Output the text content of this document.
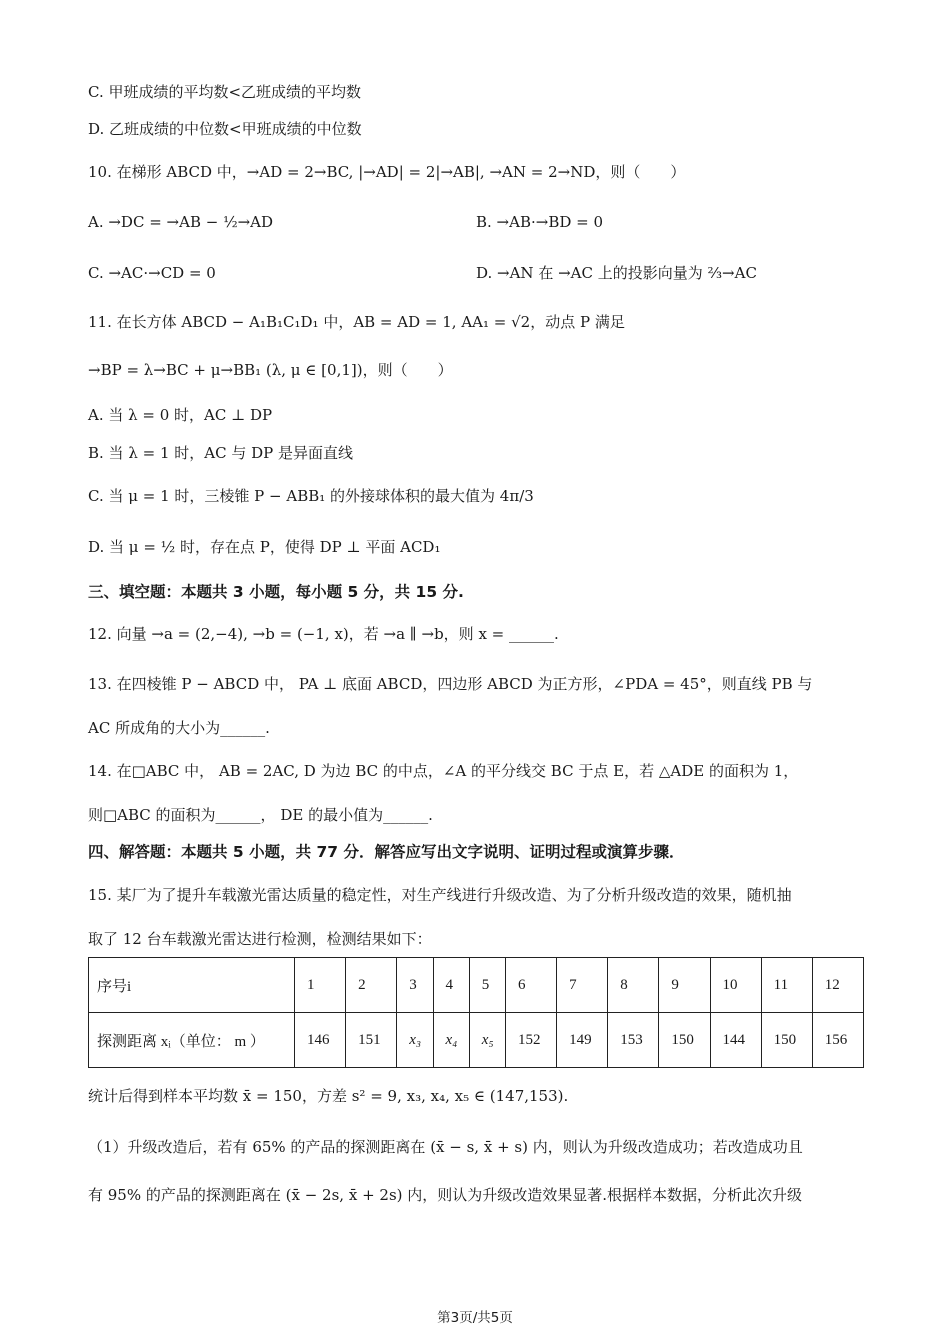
C. 甲班成绩的平均数<乙班成绩的平均数
D. 乙班成绩的中位数<甲班成绩的中位数
10. 在梯形 ABCD 中，→AD = 2→BC, |→AD| = 2|→AB|, →AN = 2→ND，则（　　）
A. →DC = →AB − ½→AD	B. →AB·→BD = 0
C. →AC·→CD = 0	D. →AN 在 →AC 上的投影向量为 ⅔→AC
11. 在长方体 ABCD − A₁B₁C₁D₁ 中，AB = AD = 1, AA₁ = √2，动点 P 满足
→BP = λ→BC + μ→BB₁ (λ, μ ∈ [0,1])，则（　　）
A. 当 λ = 0 时，AC ⊥ DP
B. 当 λ = 1 时，AC 与 DP 是异面直线
C. 当 μ = 1 时，三棱锥 P − ABB₁ 的外接球体积的最大值为 4π/3
D. 当 μ = ½ 时，存在点 P，使得 DP ⊥ 平面 ACD₁
三、填空题：本题共 3 小题，每小题 5 分，共 15 分.
12. 向量 →a = (2,−4), →b = (−1, x)，若 →a ∥ →b，则 x = ______.
13. 在四棱锥 P − ABCD 中， PA ⊥ 底面 ABCD，四边形 ABCD 为正方形，∠PDA = 45°，则直线 PB 与
AC 所成角的大小为______.
14. 在□ABC 中， AB = 2AC, D 为边 BC 的中点，∠A 的平分线交 BC 于点 E，若 △ADE 的面积为 1，
则□ABC 的面积为______， DE 的最小值为______.
四、解答题：本题共 5 小题，共 77 分．解答应写出文字说明、证明过程或演算步骤．
15. 某厂为了提升车载激光雷达质量的稳定性，对生产线进行升级改造、为了分析升级改造的效果，随机抽
取了 12 台车载激光雷达进行检测，检测结果如下：
序号i	1	2	3	4	5	6	7	8	9	10	11	12
探测距离 xᵢ（单位： m ）	146	151	x₃	x₄	x₅	152	149	153	150	144	150	156
统计后得到样本平均数 x̄ = 150，方差 s² = 9, x₃, x₄, x₅ ∈ (147,153).
（1）升级改造后，若有 65% 的产品的探测距离在 (x̄ − s, x̄ + s) 内，则认为升级改造成功；若改造成功且
有 95% 的产品的探测距离在 (x̄ − 2s, x̄ + 2s) 内，则认为升级改造效果显著.根据样本数据，分析此次升级
第3页/共5页
